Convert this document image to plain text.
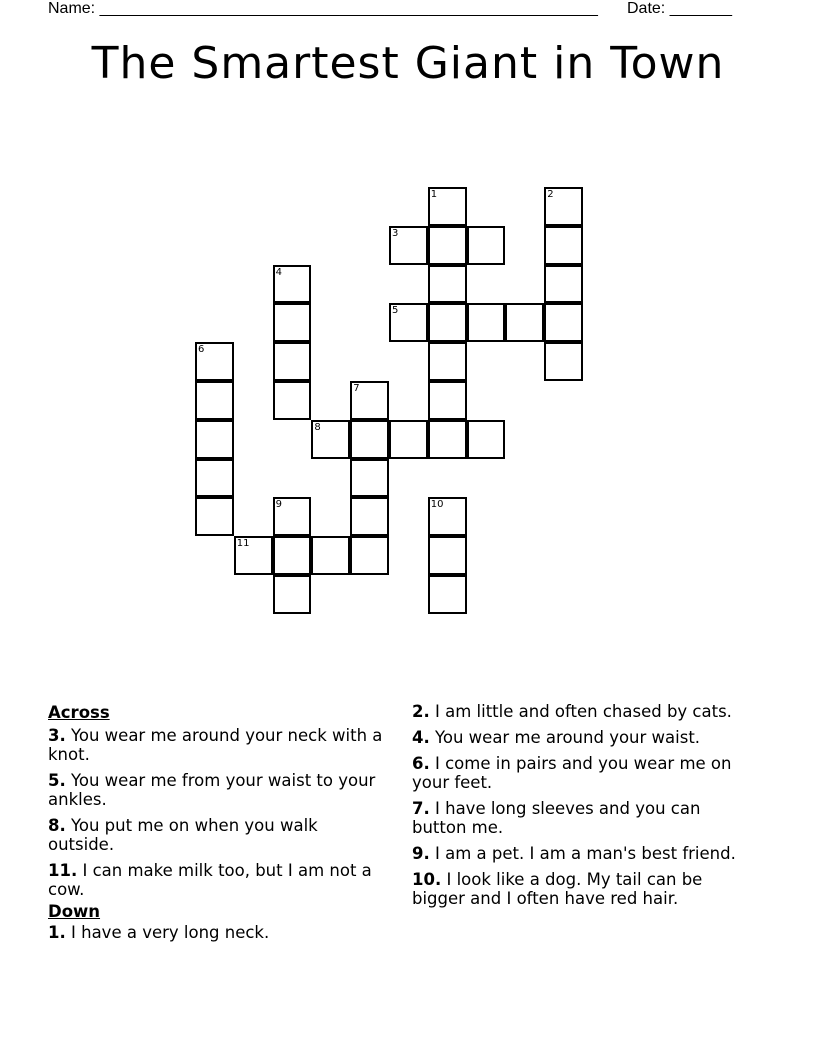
Name: ________________________________________________________ Date: _______
The Smartest Giant in Town
1	2
3
4
5
6
7
8
9	10
11
Across
3. You wear me around your neck with a knot.
5. You wear me from your waist to your ankles.
8. You put me on when you walk outside.
11. I can make milk too, but I am not a cow.
Down
1. I have a very long neck.
2. I am little and often chased by cats.
4. You wear me around your waist.
6. I come in pairs and you wear me on your feet.
7. I have long sleeves and you can button me.
9. I am a pet. I am a man's best friend.
10. I look like a dog. My tail can be bigger and I often have red hair.
